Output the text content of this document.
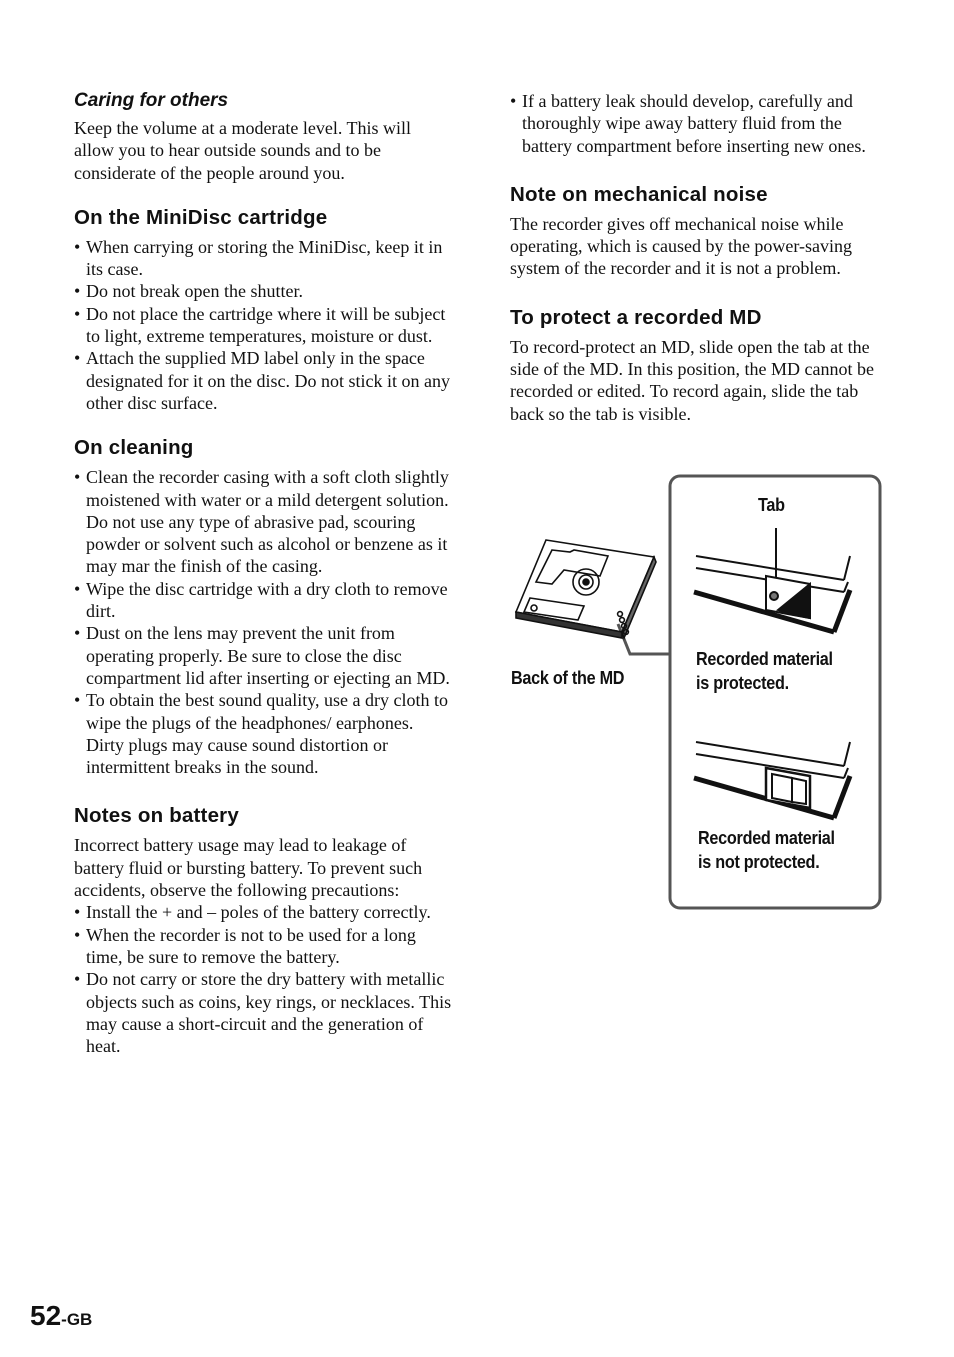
Caring for others

Keep the volume at a moderate level. This will allow you to hear outside sounds and to be considerate of the people around you.

On the MiniDisc cartridge
• When carrying or storing the MiniDisc, keep it in its case.
• Do not break open the shutter.
• Do not place the cartridge where it will be subject to light, extreme temperatures, moisture or dust.
• Attach the supplied MD label only in the space designated for it on the disc. Do not stick it on any other disc surface.
On cleaning
• Clean the recorder casing with a soft cloth slightly moistened with water or a mild detergent solution. Do not use any type of abrasive pad, scouring powder or solvent such as alcohol or benzene as it may mar the finish of the casing.
• Wipe the disc cartridge with a dry cloth to remove dirt.
• Dust on the lens may prevent the unit from operating properly. Be sure to close the disc compartment lid after inserting or ejecting an MD.
• To obtain the best sound quality, use a dry cloth to wipe the plugs of the headphones/ earphones. Dirty plugs may cause sound distortion or intermittent breaks in the sound.
Notes on battery

Incorrect battery usage may lead to leakage of battery fluid or bursting battery. To prevent such accidents, observe the following precautions:

• Install the + and – poles of the battery correctly.
• When the recorder is not to be used for a long time, be sure to remove the battery.
• Do not carry or store the dry battery with metallic objects such as coins, key rings, or necklaces. This may cause a short-circuit and the generation of heat.
• If a battery leak should develop, carefully and thoroughly wipe away battery fluid from the battery compartment before inserting new ones.
Note on mechanical noise

The recorder gives off mechanical noise while operating, which is caused by the power-saving system of the recorder and it is not a problem.

To protect a recorded MD

To record-protect an MD, slide open the tab at the side of the MD. In this position, the MD cannot be recorded or edited. To record again, slide the tab back so the tab is visible.

Tab
Back of the MD
Recorded material
is protected.
Recorded material
is not protected.
52-GB
